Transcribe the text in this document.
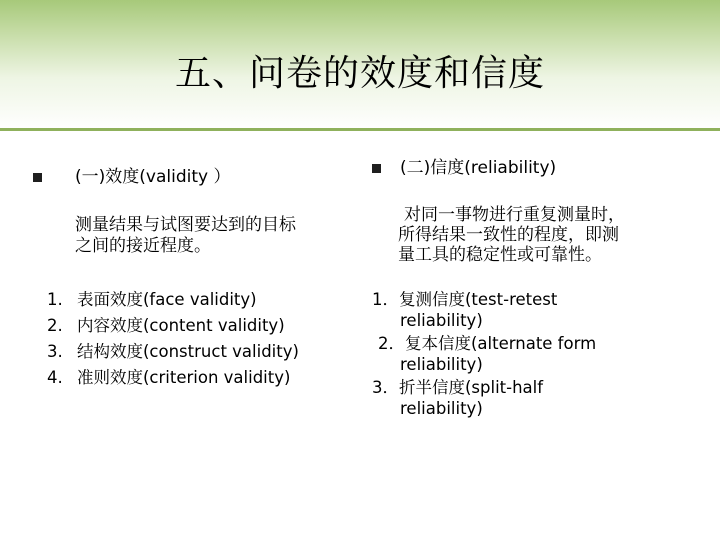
五、问卷的效度和信度
(一)效度(validity ）
测量结果与试图要达到的目标
之间的接近程度。
1. 表面效度(face validity)
2. 内容效度(content validity)
3. 结构效度(construct validity)
4. 准则效度(criterion validity)
(二)信度(reliability)
对同一事物进行重复测量时，
所得结果一致性的程度，即测
量工具的稳定性或可靠性。
1．复测信度(test-retest
reliability)
2．复本信度(alternate form
reliability)
3．折半信度(split-half
reliability)
